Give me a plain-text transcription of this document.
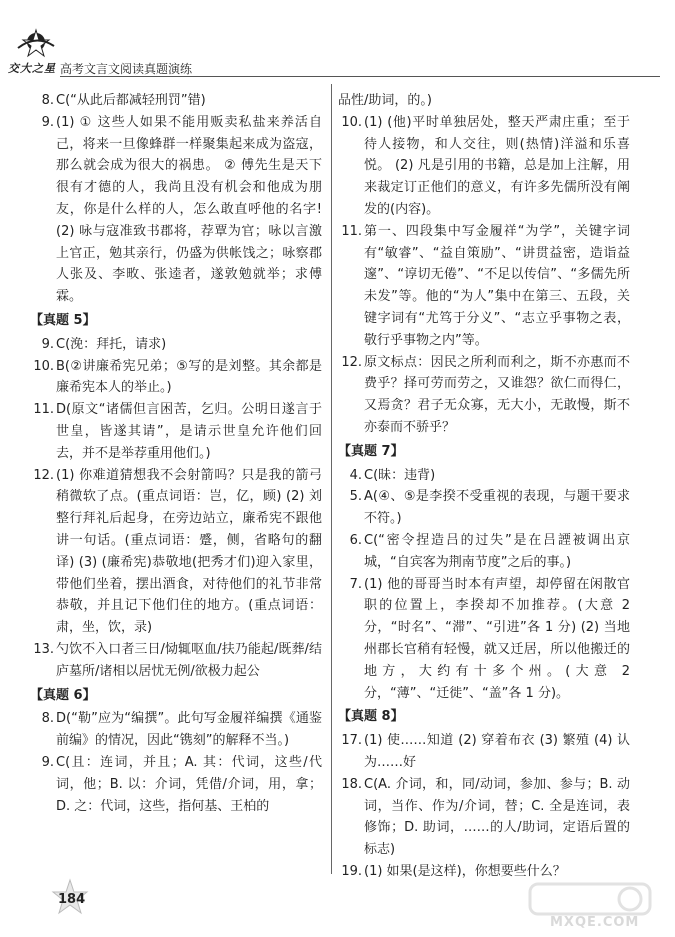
交大之星 高考文言文阅读真题演练
8 . C(“从此后都减轻刑罚”错)
9 . (1) ① 这些人如果不能用贩卖私盐来养活自己，将来一旦像蜂群一样聚集起来成为盗寇，那么就会成为很大的祸患。 ② 傅先生是天下很有才德的人，我尚且没有机会和他成为朋友，你是什么样的人，怎么敢直呼他的名字! (2) 咏与寇准致书郡将，荐覃为官；咏以言激上官正，勉其亲行，仍盛为供帐饯之；咏察郡人张及、李畋、张逵者，遂敦勉就举；求傅霖。
【真题 5】
9 . C(浼：拜托，请求)
10 . B(②讲廉希宪兄弟；⑤写的是刘整。其余都是廉希宪本人的举止。)
11 . D(原文“诸儒但言困苦，乞归。公明日遂言于世皇，皆遂其请”，是请示世皇允许他们回去，并不是举荐重用他们。)
12 . (1) 你难道猜想我不会射箭吗？只是我的箭弓稍微软了点。(重点词语：岂，亿，顾) (2) 刘整行拜礼后起身，在旁边站立，廉希宪不跟他讲一句话。(重点词语：蹙，侧，省略句的翻译) (3) (廉希宪)恭敬地(把秀才们)迎入家里，带他们坐着，摆出酒食，对待他们的礼节非常恭敬，并且记下他们住的地方。(重点词语：肃，坐，饮，录)
13 . 勺饮不入口者三日/恸辄呕血/扶乃能起/既葬/结庐墓所/诸相以居忧无例/欲极力起公
【真题 6】
8 . D(“勒”应为“编撰”。此句写金履祥编撰《通鉴前编》的情况，因此“镌刻”的解释不当。)
9 . C(且：连词，并且；A. 其：代词，这些/代词，他；B. 以：介词，凭借/介词，用，拿；D. 之：代词，这些，指何基、王柏的
品性/助词，的。)
10 . (1) (他)平时单独居处，整天严肃庄重；至于待人接物，和人交往，则(热情)洋溢和乐喜悦。 (2) 凡是引用的书籍，总是加上注解，用来裁定订正他们的意义，有许多先儒所没有阐发的(内容)。
11 . 第一、四段集中写金履祥“为学”，关键字词有“敏睿”、“益自策励”、“讲贯益密，造诣益邃”、“谆切无倦”、“不足以传信”、“多儒先所未发”等。他的“为人”集中在第三、五段，关键字词有“尤笃于分义”、“志立乎事物之表，敬行乎事物之内”等。
12 . 原文标点：因民之所利而利之，斯不亦惠而不费乎？择可劳而劳之，又谁怨？欲仁而得仁，又焉贪？君子无众寡，无大小，无敢慢，斯不亦泰而不骄乎？
【真题 7】
4 . C(昧：违背)
5 . A(④、⑤是李揆不受重视的表现，与题干要求不符。)
6 . C(“密令捏造吕的过失”是在吕諲被调出京城，“自宾客为荆南节度”之后的事。)
7 . (1) 他的哥哥当时本有声望，却停留在闲散官职的位置上，李揆却不加推荐。(大意 2 分，“时名”、“滞”、“引进”各 1 分) (2) 当地州郡长官稍有轻慢，就又迁居，所以他搬迁的地方，大约有十多个州。(大意 2 分，“薄”、“迁徙”、“盖”各 1 分)。
【真题 8】
17 . (1) 使……知道 (2) 穿着布衣 (3) 繁殖 (4) 认为……好
18 . C(A. 介词，和，同/动词，参加、参与；B. 动词，当作、作为/介词，替；C. 全是连词，表修饰；D. 助词，……的人/助词，定语后置的标志)
19 . (1) 如果(是这样)，你想要些什么？
184
MXQE.COM
